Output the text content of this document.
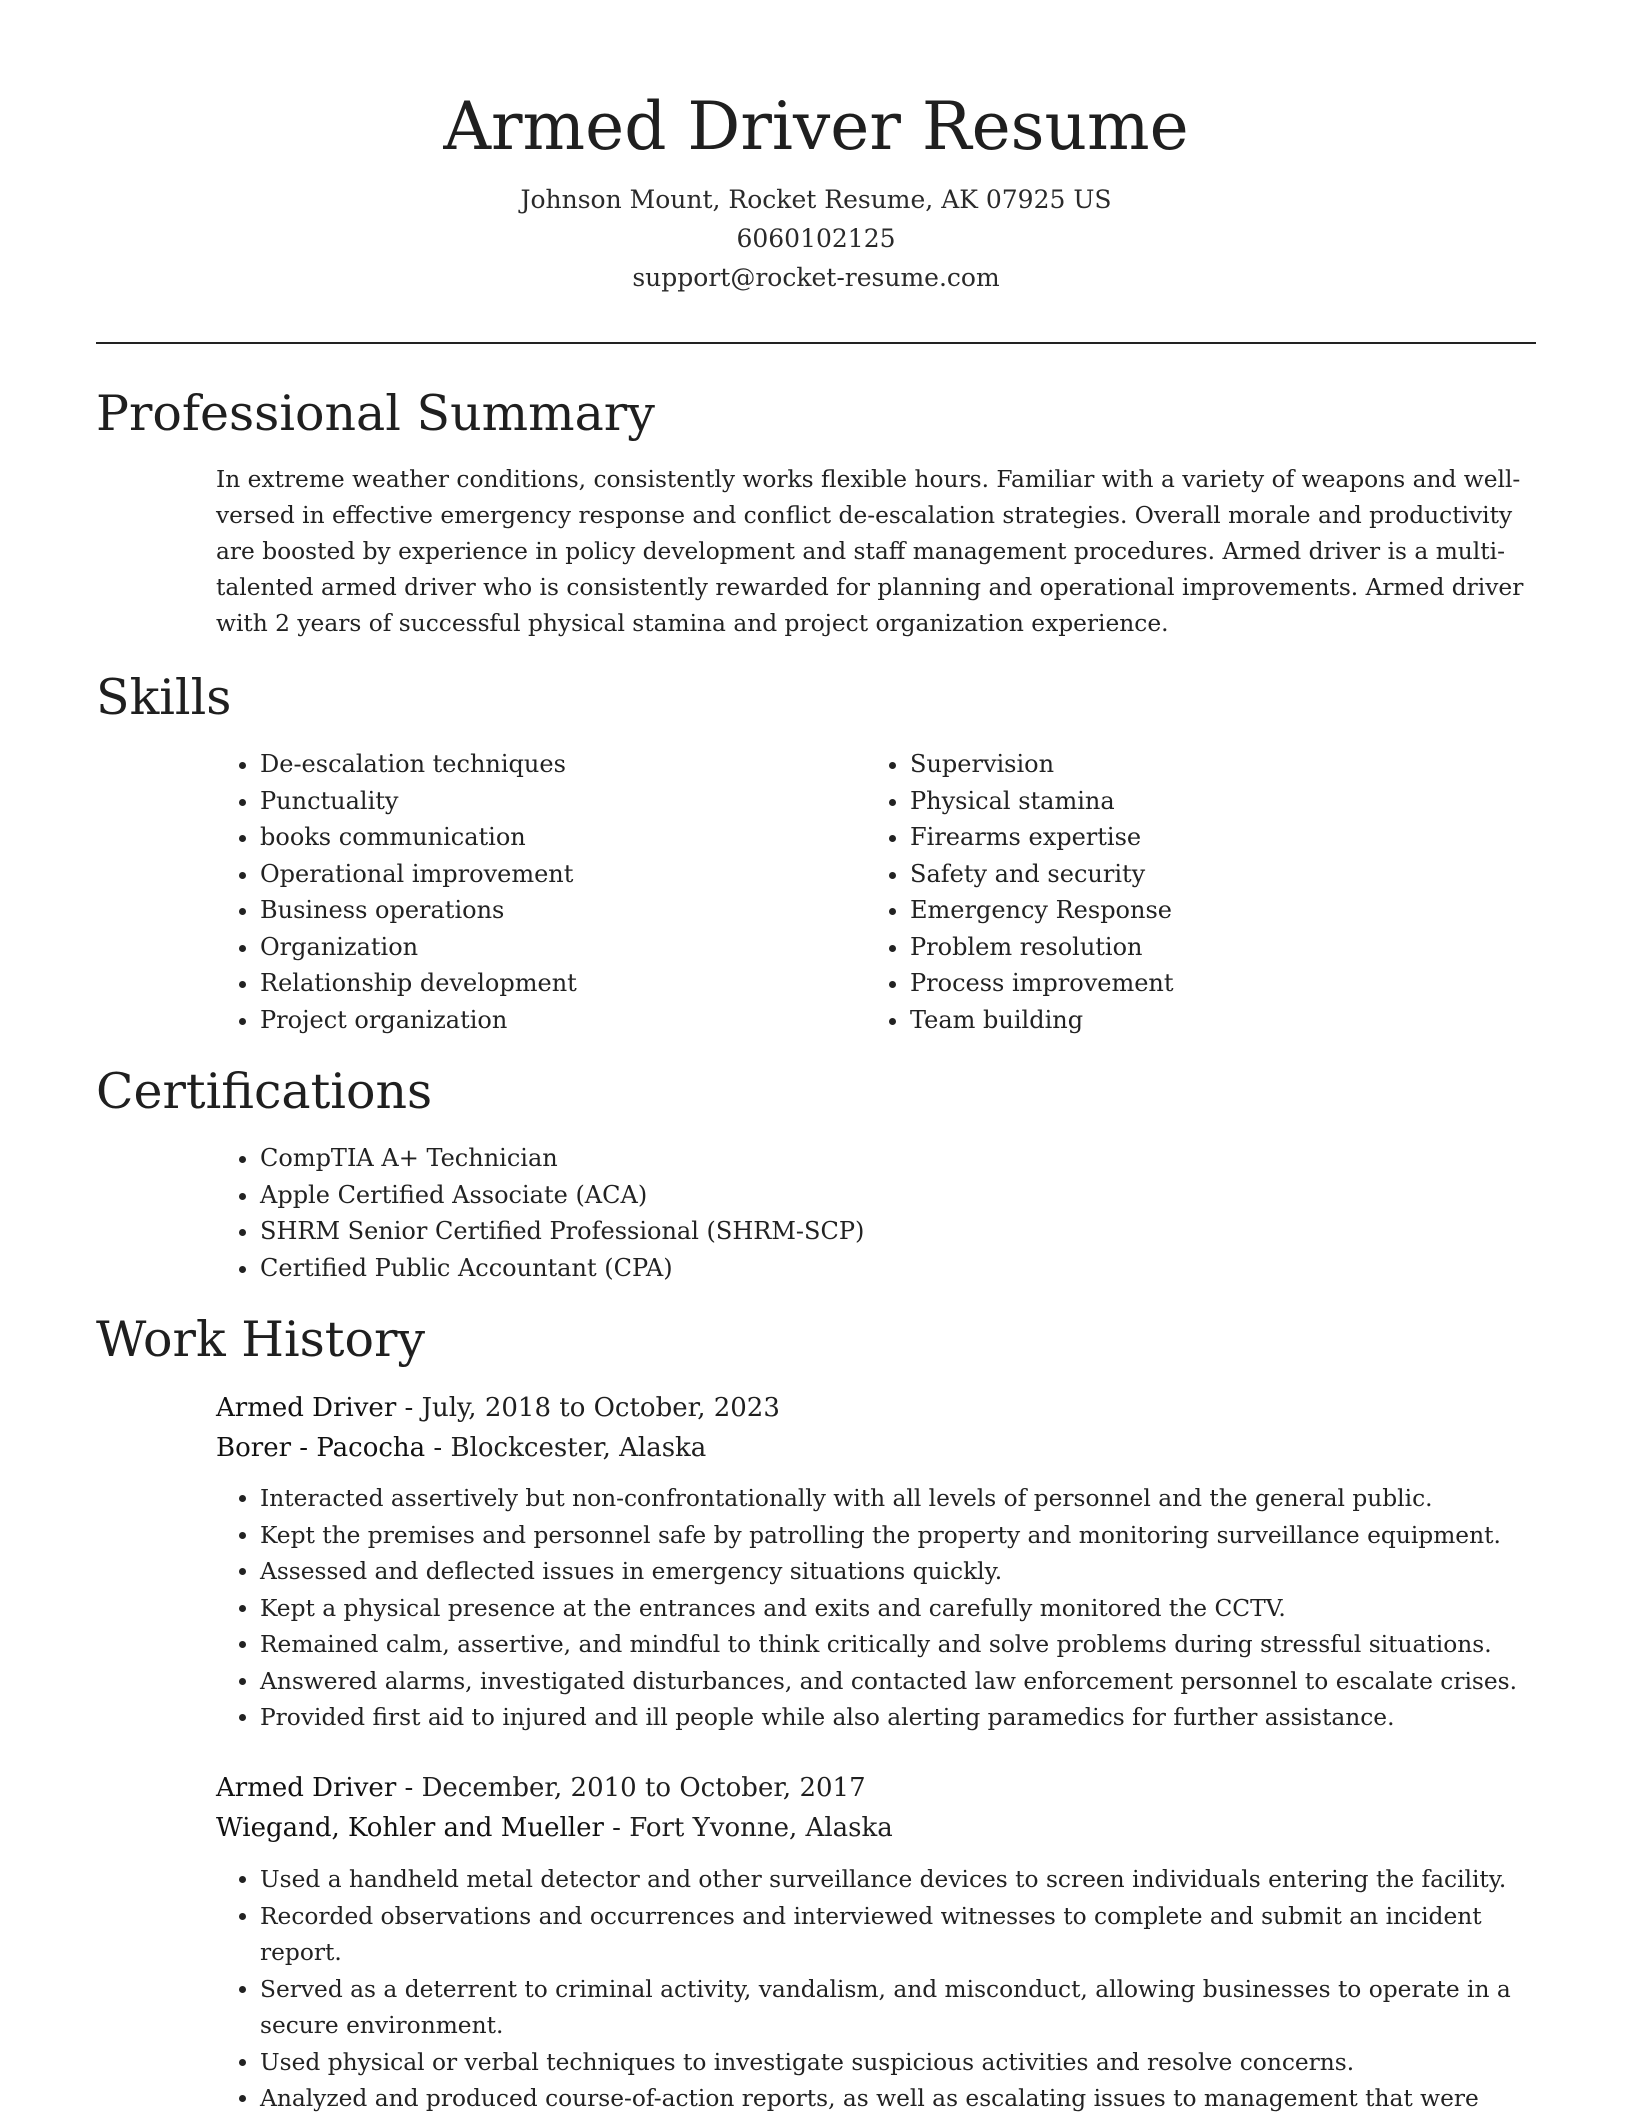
Armed Driver Resume
Johnson Mount, Rocket Resume, AK 07925 US
6060102125
support@rocket-resume.com
Professional Summary

In extreme weather conditions, consistently works flexible hours. Familiar with a variety of weapons and well-versed in effective emergency response and conflict de-escalation strategies. Overall morale and productivity are boosted by experience in policy development and staff management procedures. Armed driver is a multi-talented armed driver who is consistently rewarded for planning and operational improvements. Armed driver with 2 years of successful physical stamina and project organization experience.

Skills
• De-escalation techniques
• Punctuality
• books communication
• Operational improvement
• Business operations
• Organization
• Relationship development
• Project organization
• Supervision
• Physical stamina
• Firearms expertise
• Safety and security
• Emergency Response
• Problem resolution
• Process improvement
• Team building
Certifications
• CompTIA A+ Technician
• Apple Certified Associate (ACA)
• SHRM Senior Certified Professional (SHRM-SCP)
• Certified Public Accountant (CPA)
Work History
Armed Driver - July, 2018 to October, 2023
Borer - Pacocha - Blockcester, Alaska
• Interacted assertively but non-confrontationally with all levels of personnel and the general public.
• Kept the premises and personnel safe by patrolling the property and monitoring surveillance equipment.
• Assessed and deflected issues in emergency situations quickly.
• Kept a physical presence at the entrances and exits and carefully monitored the CCTV.
• Remained calm, assertive, and mindful to think critically and solve problems during stressful situations.
• Answered alarms, investigated disturbances, and contacted law enforcement personnel to escalate crises.
• Provided first aid to injured and ill people while also alerting paramedics for further assistance.
Armed Driver - December, 2010 to October, 2017
Wiegand, Kohler and Mueller - Fort Yvonne, Alaska
• Used a handheld metal detector and other surveillance devices to screen individuals entering the facility.
• Recorded observations and occurrences and interviewed witnesses to complete and submit an incident report.
• Served as a deterrent to criminal activity, vandalism, and misconduct, allowing businesses to operate in a secure environment.
• Used physical or verbal techniques to investigate suspicious activities and resolve concerns.
• Analyzed and produced course-of-action reports, as well as escalating issues to management that were
